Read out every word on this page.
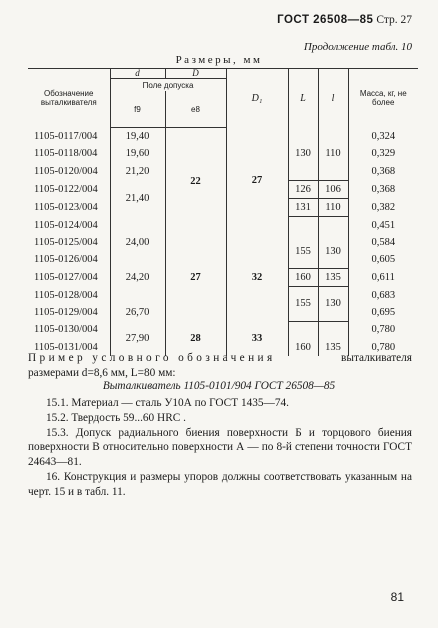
ГОСТ 26508—85 Стр. 27
Продолжение табл. 10
Размеры, мм
Обозначение выталкивателя	d	D	D₁	L	l	Масса, кг, не более
	Поле допуска					
	f9	e8				
1105-0117/004	19,40	22	27			0,324
1105-0118/004	19,60			130	110	0,329
1105-0120/004	21,20					0,368
1105-0122/004	21,40			126	106	0,368
1105-0123/004				131	110	0,382
1105-0124/004						0,451
1105-0125/004	24,00	27	32	155	130	0,584
1105-0126/004	24,20					0,605
1105-0127/004				160	135	0,611
1105-0128/004				155	130	0,683
1105-0129/004	26,70					0,695
1105-0130/004	27,90	28	33			0,780
1105-0131/004				160	135	0,780
Пример условного обозначения	выталкивателя
размерами d=8,6 мм, L=80 мм:
Выталкиватель 1105-0101/904 ГОСТ 26508—85

15.1. Материал — сталь У10А по ГОСТ 1435—74.

15.2. Твердость 59...60 HRC .

15.3. Допуск радиального биения поверхности Б и торцового биения поверхности В относительно поверхности А — по 8-й степени точности ГОСТ 24643—81.

16. Конструкция и размеры упоров должны соответствовать указанным на черт. 15 и в табл. 11.

81
